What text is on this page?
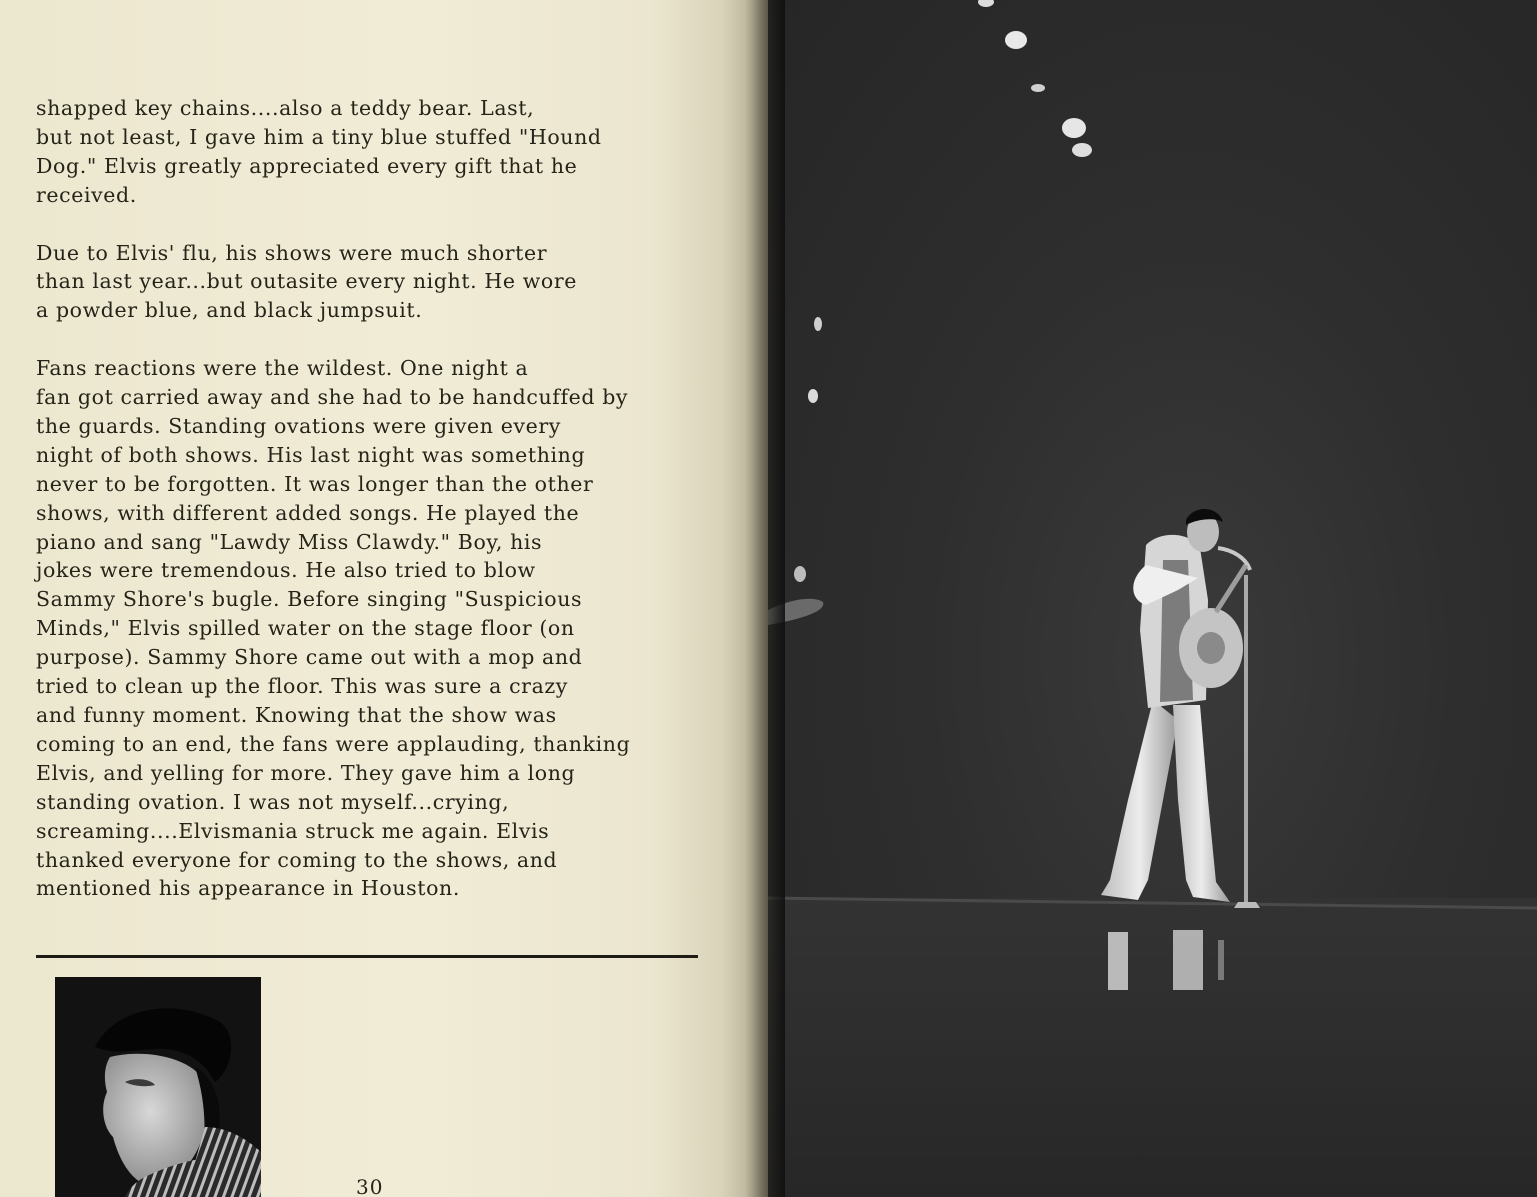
shapped key chains....also a teddy bear. Last,
but not least, I gave him a tiny blue stuffed "Hound
Dog." Elvis greatly appreciated every gift that he
received.

Due to Elvis' flu, his shows were much shorter
than last year...but outasite every night. He wore
a powder blue, and black jumpsuit.

Fans reactions were the wildest. One night a
fan got carried away and she had to be handcuffed by
the guards. Standing ovations were given every
night of both shows. His last night was something
never to be forgotten. It was longer than the other
shows, with different added songs. He played the
piano and sang "Lawdy Miss Clawdy." Boy, his
jokes were tremendous. He also tried to blow
Sammy Shore's bugle. Before singing "Suspicious
Minds," Elvis spilled water on the stage floor (on
purpose). Sammy Shore came out with a mop and
tried to clean up the floor. This was sure a crazy
and funny moment. Knowing that the show was
coming to an end, the fans were applauding, thanking
Elvis, and yelling for more. They gave him a long
standing ovation. I was not myself...crying,
screaming....Elvismania struck me again. Elvis
thanked everyone for coming to the shows, and
mentioned his appearance in Houston.

30
